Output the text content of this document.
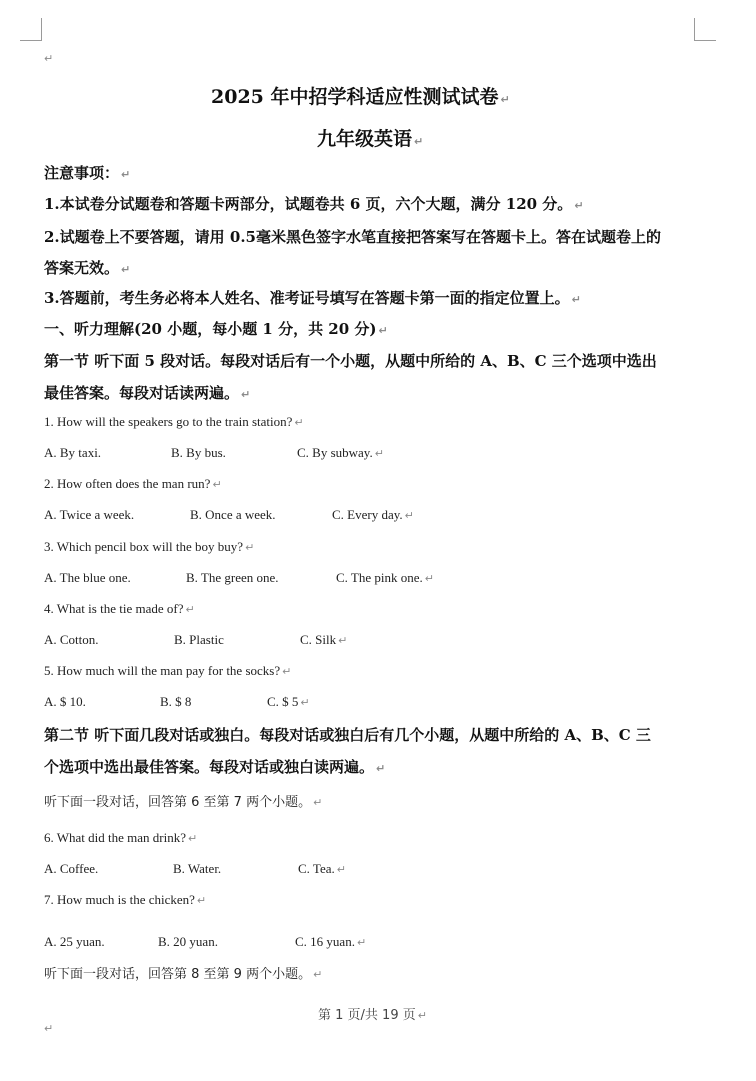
↵
2025 年中招学科适应性测试试卷 ↵
九年级英语 ↵
注意事项： ↵
1.本试卷分试题卷和答题卡两部分，试题卷共 6 页，六个大题，满分 120 分。 ↵
2.试题卷上不要答题，请用 0.5毫米黑色签字水笔直接把答案写在答题卡上。答在试题卷上的
答案无效。 ↵
3.答题前，考生务必将本人姓名、准考证号填写在答题卡第一面的指定位置上。 ↵
一、听力理解(20 小题，每小题 1 分，共 20 分) ↵
第一节 听下面 5 段对话。每段对话后有一个小题，从题中所给的 A、B、C 三个选项中选出
最佳答案。每段对话读两遍。 ↵
1. How will the speakers go to the train station? ↵
A. By taxi.	B. By bus.	C. By subway. ↵
2. How often does the man run? ↵
A. Twice a week.	B. Once a week.	C. Every day. ↵
3. Which pencil box will the boy buy? ↵
A. The blue one.	B. The green one.	C. The pink one. ↵
4. What is the tie made of? ↵
A. Cotton.	B. Plastic	C. Silk ↵
5. How much will the man pay for the socks? ↵
A. $ 10.	B. $ 8	C. $ 5 ↵
第二节 听下面几段对话或独白。每段对话或独白后有几个小题，从题中所给的 A、B、C 三
个选项中选出最佳答案。每段对话或独白读两遍。 ↵
听下面一段对话，回答第 6 至第 7 两个小题。 ↵
6. What did the man drink? ↵
A. Coffee.	B. Water.	C. Tea. ↵
7. How much is the chicken? ↵
A. 25 yuan.	B. 20 yuan.	C. 16 yuan. ↵
听下面一段对话，回答第 8 至第 9 两个小题。 ↵
第 1 页/共 19 页 ↵
↵
